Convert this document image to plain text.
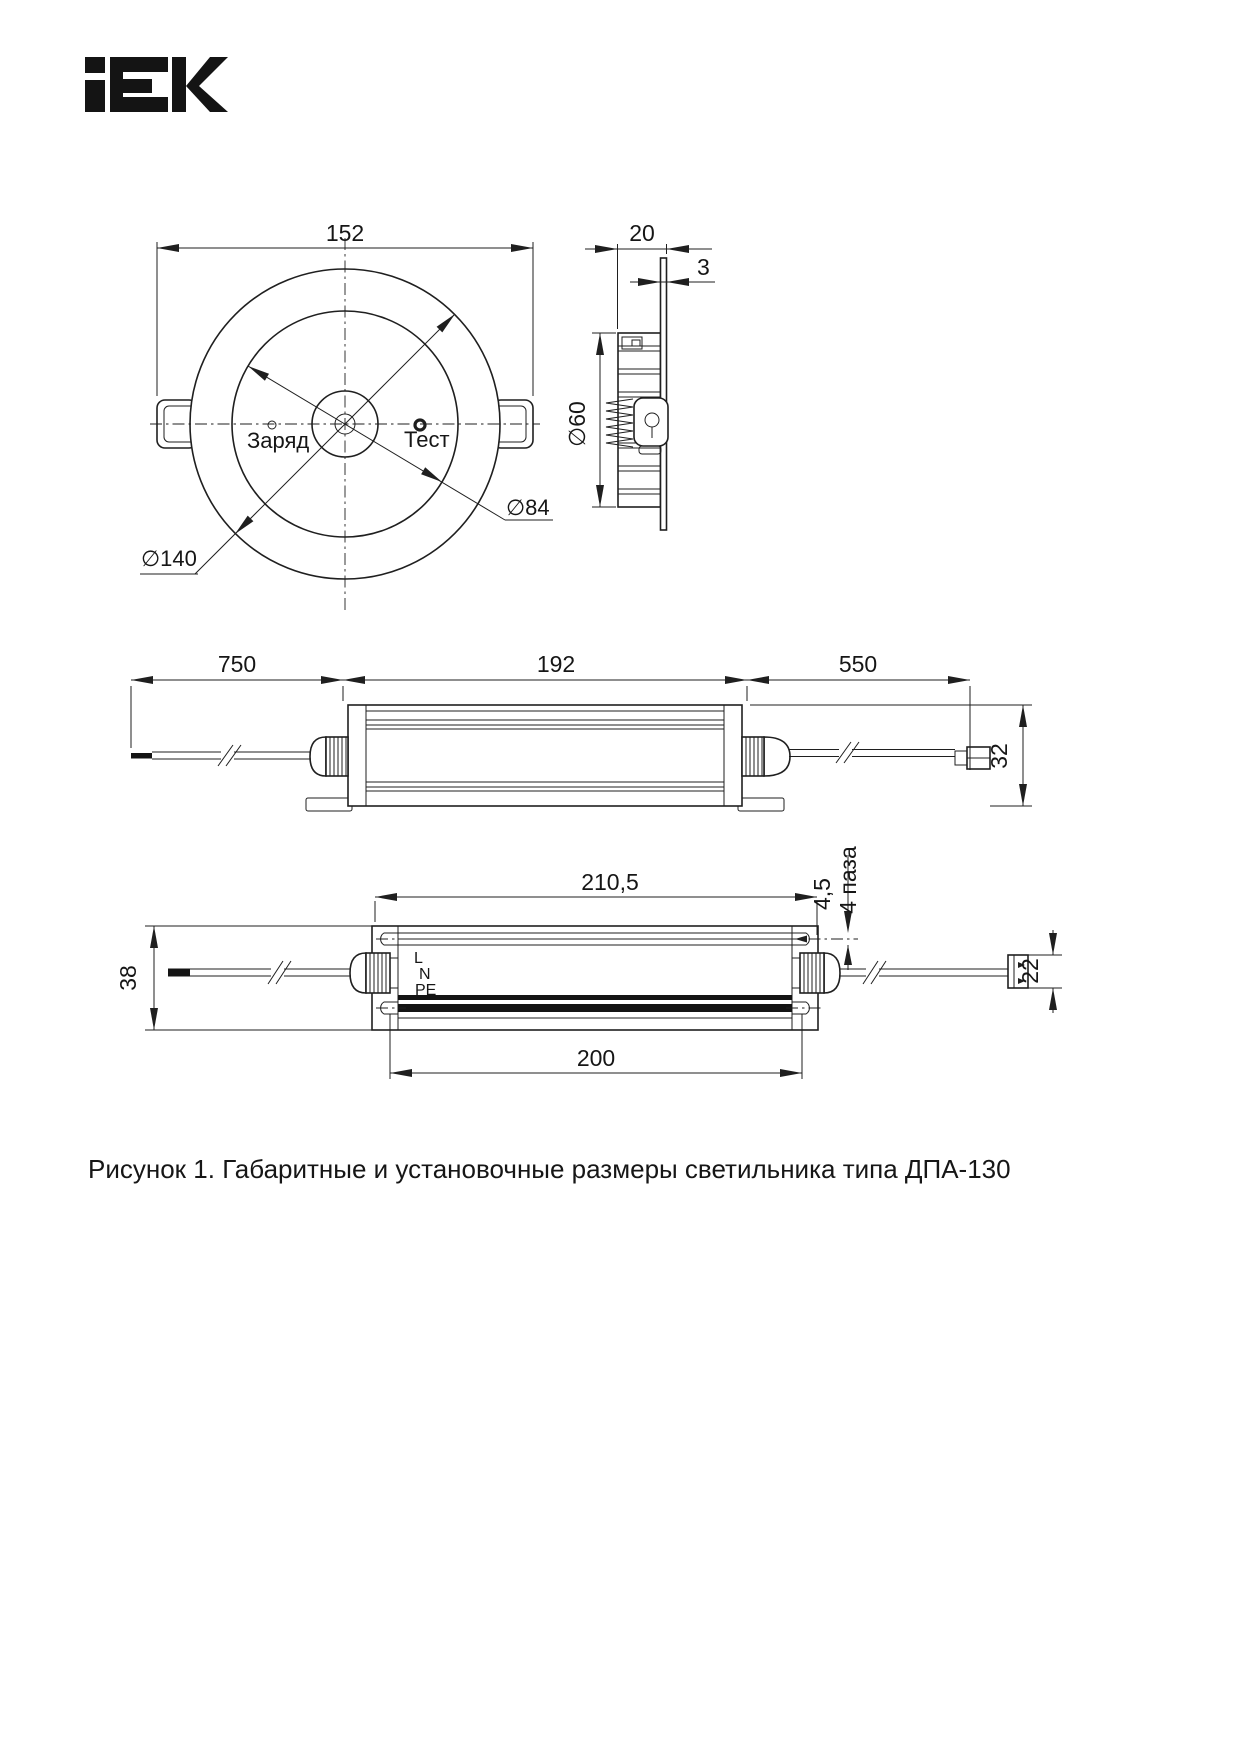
Заряд	Тест
152
∅140
∅84
20
3
∅60
750	192	550
32
L
N
PE
210,5	4,5 4 паза
38	22
200
Рисунок 1. Габаритные и установочные размеры светильника типа ДПА-130
